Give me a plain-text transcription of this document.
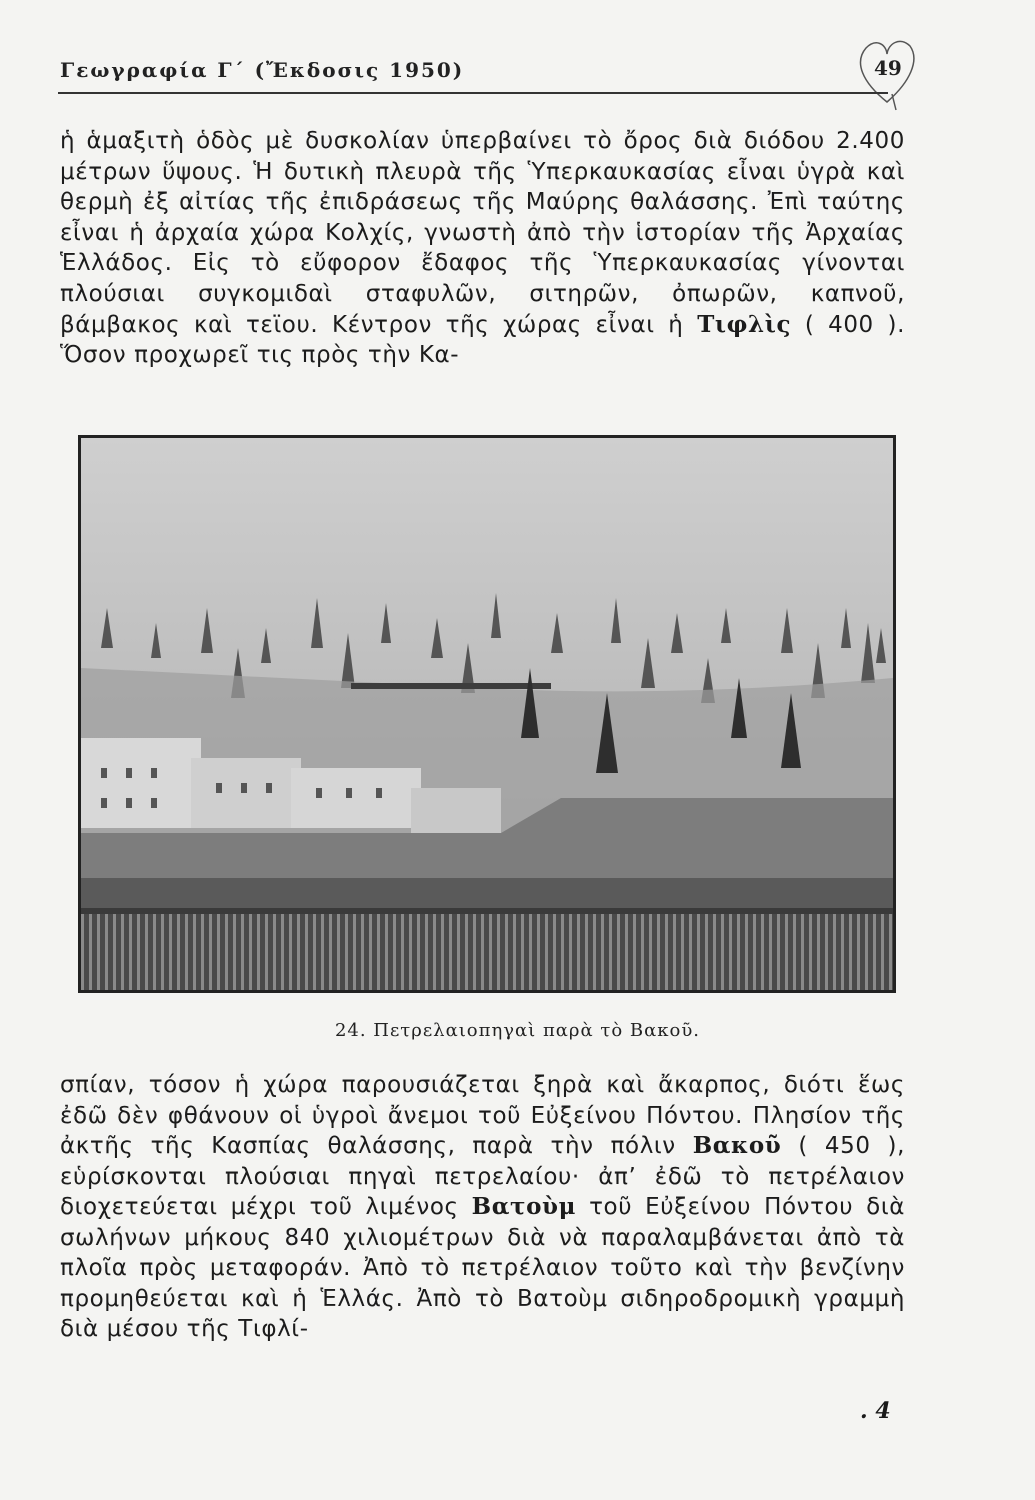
Γεωγραφία Γ΄ (Ἔκδοσις 1950)	49

ἡ ἁμαξιτὴ ὁδὸς μὲ δυσκολίαν ὑπερβαίνει τὸ ὄρος διὰ διόδου 2.400 μέτρων ὕψους. Ἡ δυτικὴ πλευρὰ τῆς Ὑπερκαυκασίας εἶναι ὑγρὰ καὶ θερμὴ ἐξ αἰτίας τῆς ἐπιδράσεως τῆς Μαύρης θαλάσσης. Ἐπὶ ταύτης εἶναι ἡ ἀρχαία χώρα Κολχίς, γνωστὴ ἀπὸ τὴν ἱστορίαν τῆς Ἀρχαίας Ἑλλάδος. Εἰς τὸ εὔφορον ἔδαφος τῆς Ὑπερκαυκασίας γίνονται πλούσιαι συγκομιδαὶ σταφυλῶν, σιτηρῶν, ὀπωρῶν, καπνοῦ, βάμβακος καὶ τεϊου. Κέντρον τῆς χώρας εἶναι ἡ Τιφλὶς ( 400 ). Ὅσον προχωρεῖ τις πρὸς τὴν Κα-

24. Πετρελαιοπηγαὶ παρὰ τὸ Βακοῦ.

σπίαν, τόσον ἡ χώρα παρουσιάζεται ξηρὰ καὶ ἄκαρπος, διότι ἕως ἐδῶ δὲν φθάνουν οἱ ὑγροὶ ἄνεμοι τοῦ Εὐξείνου Πόντου. Πλησίον τῆς ἀκτῆς τῆς Κασπίας θαλάσσης, παρὰ τὴν πόλιν Βακοῦ ( 450 ), εὑρίσκονται πλούσιαι πηγαὶ πετρελαίου· ἀπ’ ἐδῶ τὸ πετρέλαιον διοχετεύεται μέχρι τοῦ λιμένος Βατοὺμ τοῦ Εὐξείνου Πόντου διὰ σωλήνων μήκους 840 χιλιομέτρων διὰ νὰ παραλαμβάνεται ἀπὸ τὰ πλοῖα πρὸς μεταφοράν. Ἀπὸ τὸ πετρέλαιον τοῦτο καὶ τὴν βενζίνην προμηθεύεται καὶ ἡ Ἑλλάς. Ἀπὸ τὸ Βατοὺμ σιδηροδρομικὴ γραμμὴ διὰ μέσου τῆς Τιφλί-

. 4
